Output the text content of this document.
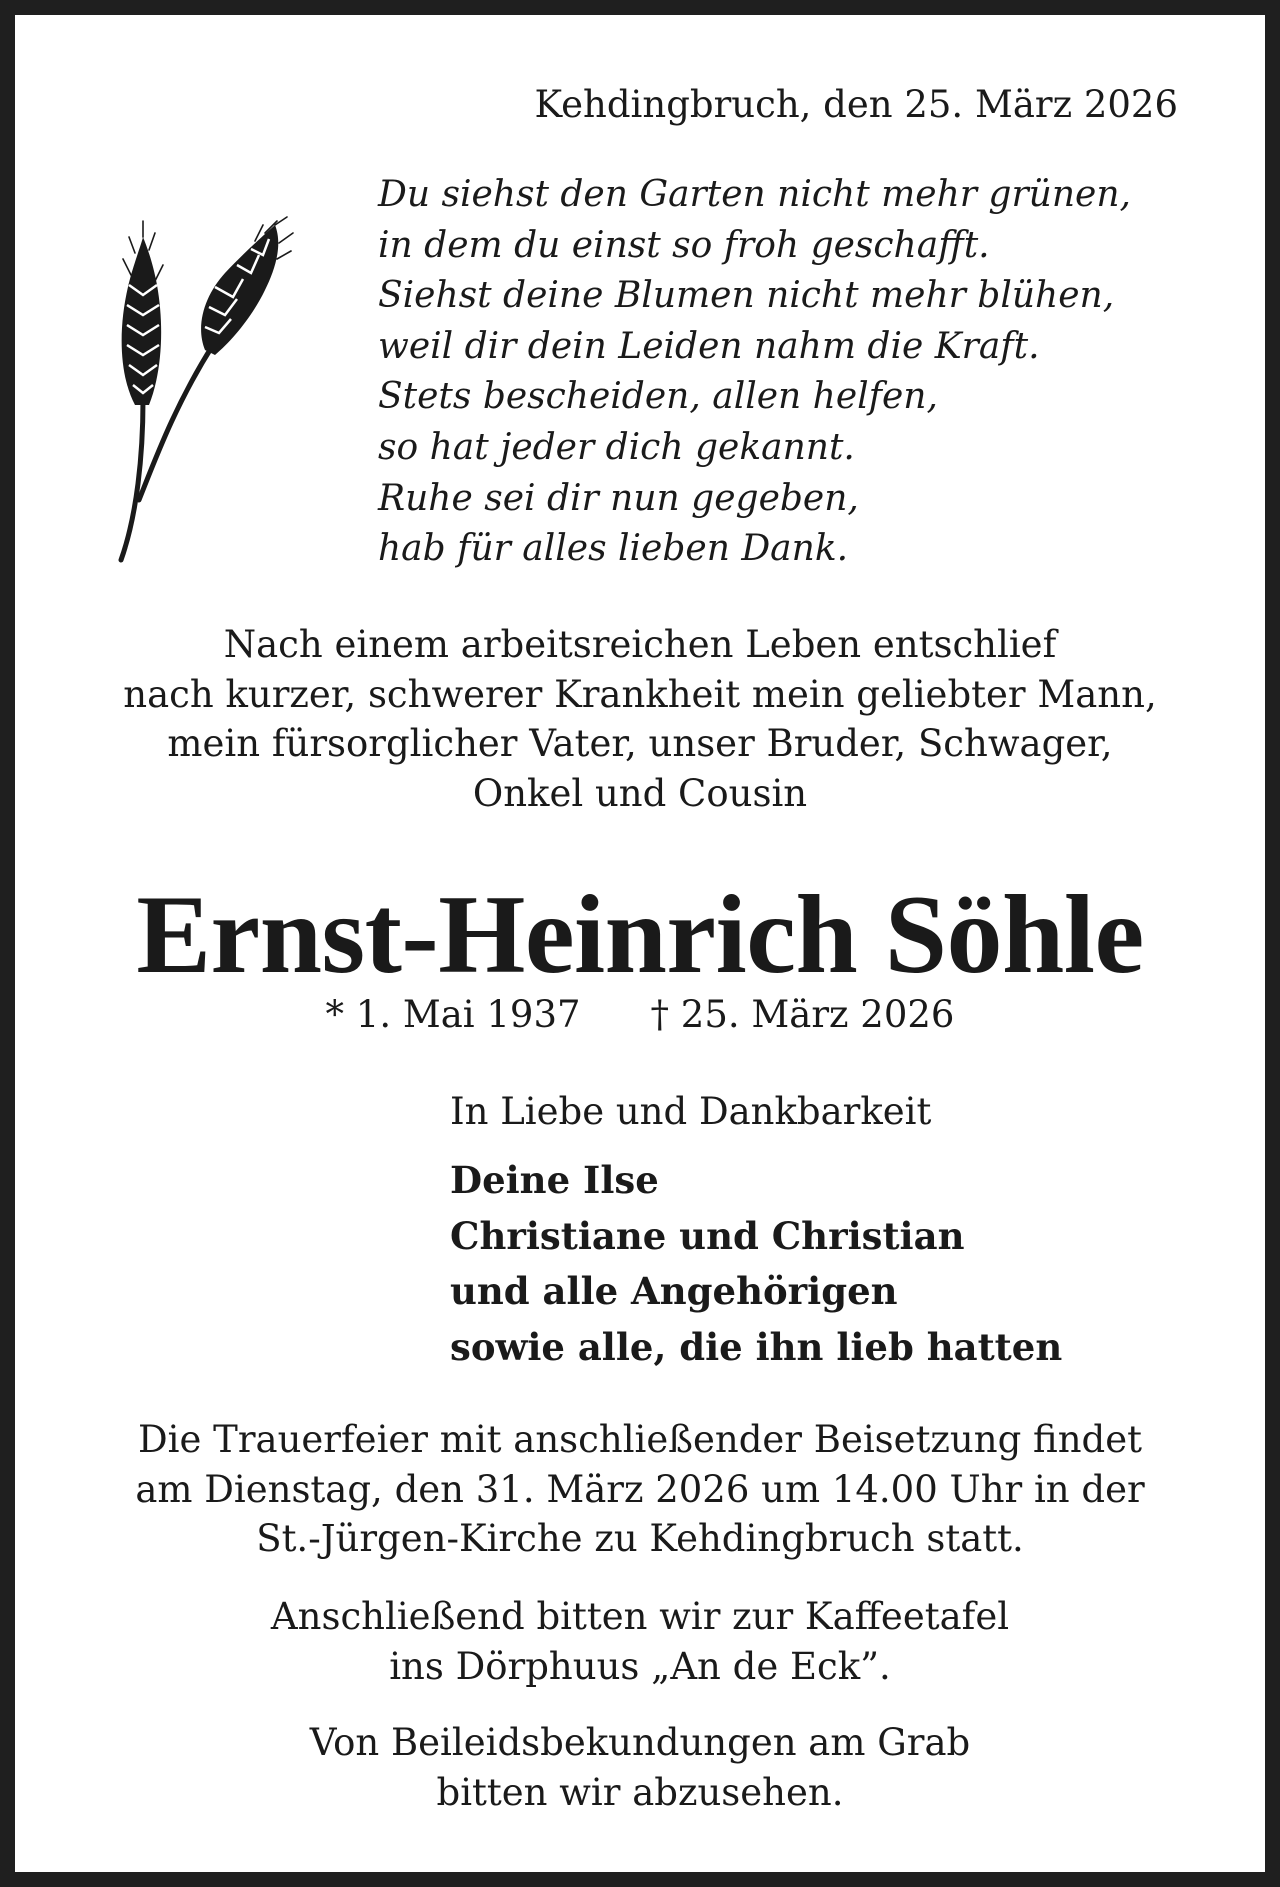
Kehdingbruch, den 25. März 2026
Du siehst den Garten nicht mehr grünen,
in dem du einst so froh geschafft.
Siehst deine Blumen nicht mehr blühen,
weil dir dein Leiden nahm die Kraft.
Stets bescheiden, allen helfen,
so hat jeder dich gekannt.
Ruhe sei dir nun gegeben,
hab für alles lieben Dank.
Nach einem arbeitsreichen Leben entschlief
nach kurzer, schwerer Krankheit mein geliebter Mann,
mein fürsorglicher Vater, unser Bruder, Schwager,
Onkel und Cousin
Ernst-Heinrich Söhle
* 1. Mai 1937 † 25. März 2026
In Liebe und Dankbarkeit
Deine Ilse
Christiane und Christian
und alle Angehörigen
sowie alle, die ihn lieb hatten
Die Trauerfeier mit anschließender Beisetzung findet
am Dienstag, den 31. März 2026 um 14.00 Uhr in der
St.-Jürgen-Kirche zu Kehdingbruch statt.
Anschließend bitten wir zur Kaffeetafel
ins Dörphuus „An de Eck”.
Von Beileidsbekundungen am Grab
bitten wir abzusehen.
